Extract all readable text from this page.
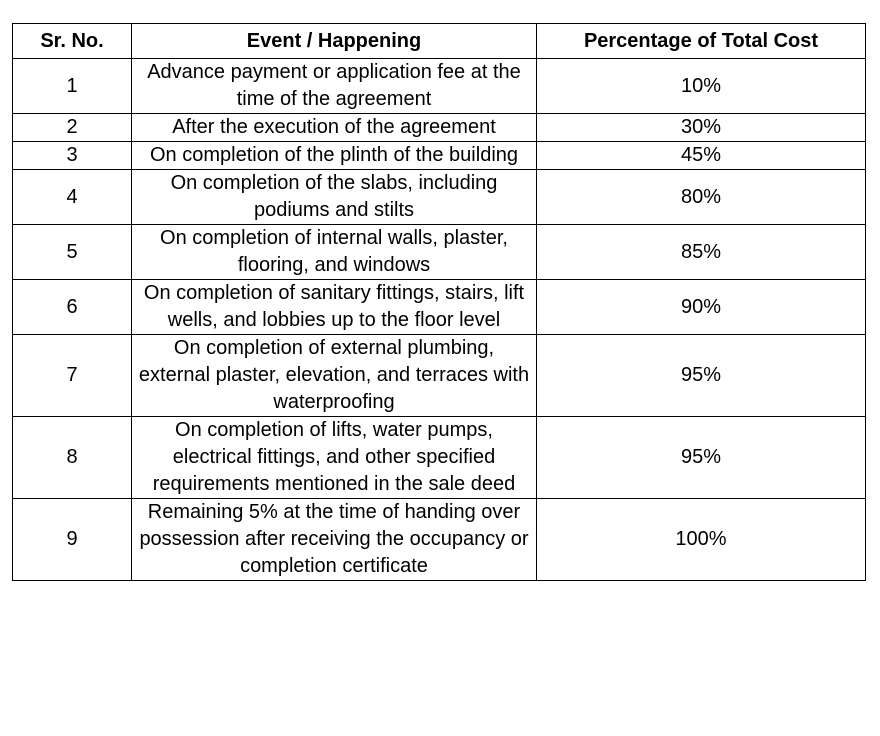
Sr. No.	Event / Happening	Percentage of Total Cost
1	Advance payment or application fee at the time of the agreement	10%
2	After the execution of the agreement	30%
3	On completion of the plinth of the building	45%
4	On completion of the slabs, including podiums and stilts	80%
5	On completion of internal walls, plaster, flooring, and windows	85%
6	On completion of sanitary fittings, stairs, lift wells, and lobbies up to the floor level	90%
7	On completion of external plumbing, external plaster, elevation, and terraces with waterproofing	95%
8	On completion of lifts, water pumps, electrical fittings, and other specified requirements mentioned in the sale deed	95%
9	Remaining 5% at the time of handing over possession after receiving the occupancy or completion certificate	100%
